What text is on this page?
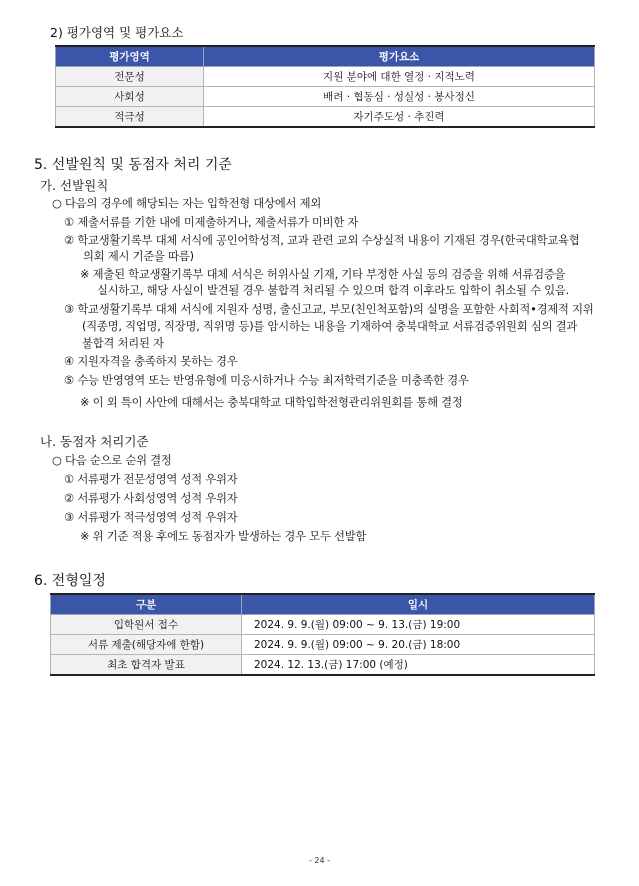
2) 평가영역 및 평가요소
평가영역	평가요소
전문성	지원 분야에 대한 열정 · 지적노력
사회성	배려 · 협동심 · 성실성 · 봉사정신
적극성	자기주도성 · 추진력
5. 선발원칙 및 동점자 처리 기준
가. 선발원칙
○ 다음의 경우에 해당되는 자는 입학전형 대상에서 제외
① 제출서류를 기한 내에 미제출하거나, 제출서류가 미비한 자
② 학교생활기록부 대체 서식에 공인어학성적, 교과 관련 교외 수상실적 내용이 기재된 경우(한국대학교육협
의회 제시 기준을 따름)
※ 제출된 학교생활기록부 대체 서식은 허위사실 기재, 기타 부정한 사실 등의 검증을 위해 서류검증을
실시하고, 해당 사실이 발견될 경우 불합격 처리될 수 있으며 합격 이후라도 입학이 취소될 수 있음.
③ 학교생활기록부 대체 서식에 지원자 성명, 출신고교, 부모(친인척포함)의 실명을 포함한 사회적•경제적 지위
(직종명, 직업명, 직장명, 직위명 등)를 암시하는 내용을 기재하여 충북대학교 서류검증위원회 심의 결과
불합격 처리된 자
④ 지원자격을 충족하지 못하는 경우
⑤ 수능 반영영역 또는 반영유형에 미응시하거나 수능 최저학력기준을 미충족한 경우
※ 이 외 특이 사안에 대해서는 충북대학교 대학입학전형관리위원회를 통해 결정
나. 동점자 처리기준
○ 다음 순으로 순위 결정
① 서류평가 전문성영역 성적 우위자
② 서류평가 사회성영역 성적 우위자
③ 서류평가 적극성영역 성적 우위자
※ 위 기준 적용 후에도 동점자가 발생하는 경우 모두 선발함
6. 전형일정
구분	일시
입학원서 접수	2024. 9. 9.(월) 09:00 ~ 9. 13.(금) 19:00
서류 제출(해당자에 한함)	2024. 9. 9.(월) 09:00 ~ 9. 20.(금) 18:00
최초 합격자 발표	2024. 12. 13.(금) 17:00 (예정)
- 24 -
